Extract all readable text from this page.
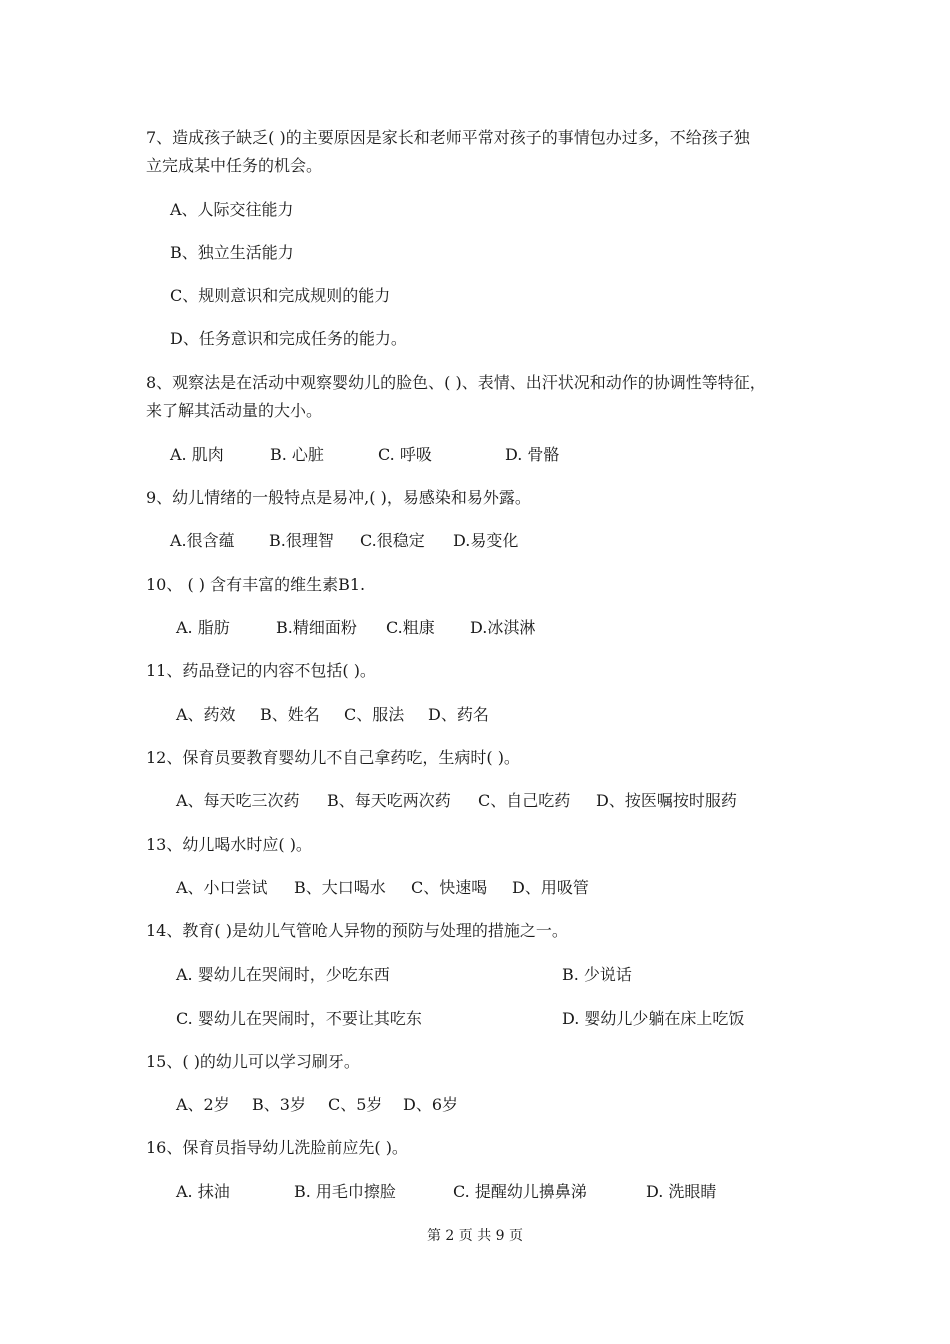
7、造成孩子缺乏( )的主要原因是家长和老师平常对孩子的事情包办过多，不给孩子独
立完成某中任务的机会。
A、人际交往能力
B、独立生活能力
C、规则意识和完成规则的能力
D、任务意识和完成任务的能力。
8、观察法是在活动中观察婴幼儿的脸色、( )、表情、出汗状况和动作的协调性等特征，
来了解其活动量的大小。
A. 肌肉	B. 心脏	C. 呼吸	D. 骨骼
9、幼儿情绪的一般特点是易冲,( )，易感染和易外露。
A.很含蕴 B.很理智 C.很稳定 D.易变化
10、 ( ) 含有丰富的维生素B1.
A. 脂肪	B.精细面粉 C.粗康 D.冰淇淋
11、药品登记的内容不包括( )。
A、药效 B、姓名 C、服法 D、药名
12、保育员要教育婴幼儿不自己拿药吃，生病时( )。
A、每天吃三次药 B、每天吃两次药 C、自己吃药 D、按医嘱按时服药
13、幼儿喝水时应( )。
A、小口尝试 B、大口喝水 C、快速喝 D、用吸管
14、教育( )是幼儿气管呛人异物的预防与处理的措施之一。
A. 婴幼儿在哭闹时，少吃东西	B. 少说话
C. 婴幼儿在哭闹时，不要让其吃东	D. 婴幼儿少躺在床上吃饭
15、( )的幼儿可以学习刷牙。
A、2岁 B、3岁 C、5岁 D、6岁
16、保育员指导幼儿洗脸前应先( )。
A. 抹油	B. 用毛巾擦脸	C. 提醒幼儿擤鼻涕	D. 洗眼睛
第 2 页 共 9 页
